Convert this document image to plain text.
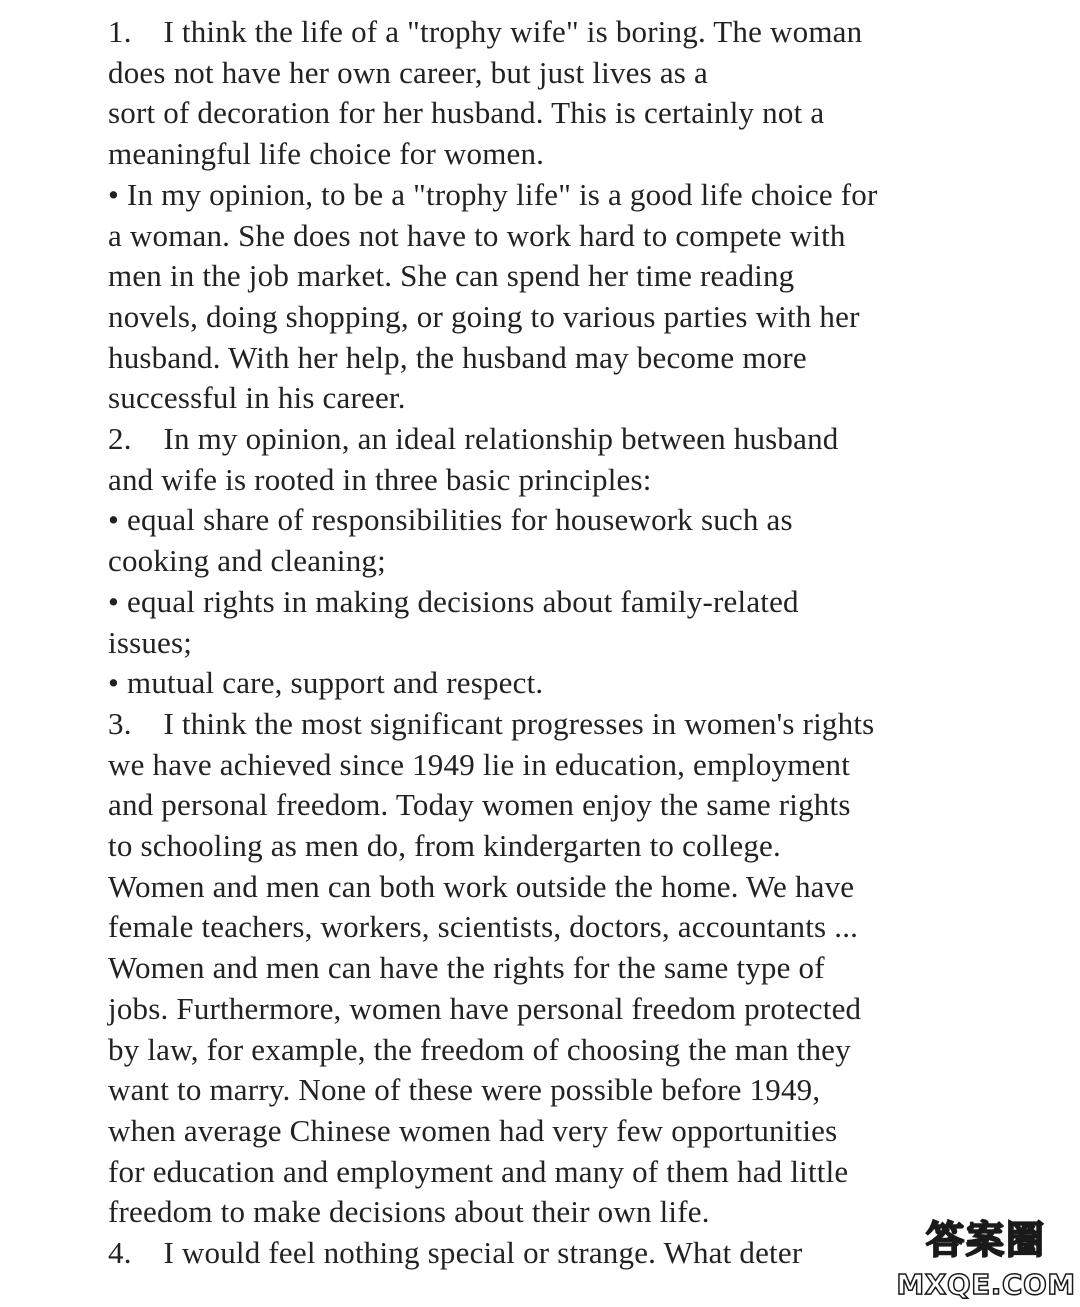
1.    I think the life of a "trophy wife" is boring. The woman
does not have her own career, but just lives as a
sort of decoration for her husband. This is certainly not a
meaningful life choice for women.
• In my opinion, to be a "trophy life" is a good life choice for
a woman. She does not have to work hard to compete with
men in the job market. She can spend her time reading
novels, doing shopping, or going to various parties with her
husband. With her help, the husband may become more
successful in his career.
2.    In my opinion, an ideal relationship between husband
and wife is rooted in three basic principles:
• equal share of responsibilities for housework such as
cooking and cleaning;
• equal rights in making decisions about family-related
issues;
• mutual care, support and respect.
3.    I think the most significant progresses in women's rights
we have achieved since 1949 lie in education, employment
and personal freedom. Today women enjoy the same rights
to schooling as men do, from kindergarten to college.
Women and men can both work outside the home. We have
female teachers, workers, scientists, doctors, accountants ...
Women and men can have the rights for the same type of
jobs. Furthermore, women have personal freedom protected
by law, for example, the freedom of choosing the man they
want to marry. None of these were possible before 1949,
when average Chinese women had very few opportunities
for education and employment and many of them had little
freedom to make decisions about their own life.
4.    I would feel nothing special or strange. What deter	答案圈
MXQE.COM
